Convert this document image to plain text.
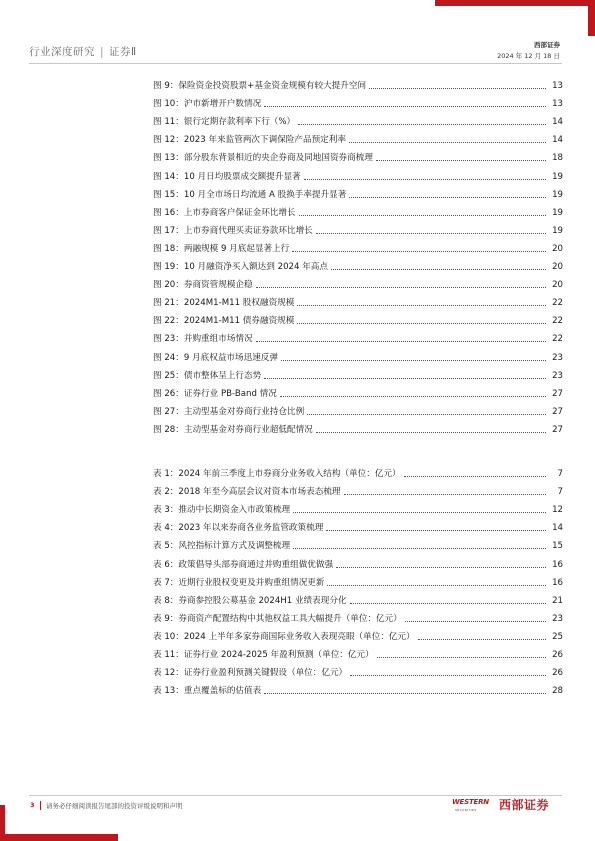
行业深度研究 | 证券Ⅱ
西部证券
2024 年 12 月 18 日
图 9：保险资金投资股票+基金资金规模有较大提升空间	13
图 10：沪市新增开户数情况	13
图 11：银行定期存款利率下行（%）	14
图 12：2023 年来监管两次下调保险产品预定利率	14
图 13：部分股东背景相近的央企券商及同地国资券商梳理	18
图 14：10 月日均股票成交额提升显著	19
图 15：10 月全市场日均流通 A 股换手率提升显著	19
图 16：上市券商客户保证金环比增长	19
图 17：上市券商代理买卖证券款环比增长	19
图 18：两融规模 9 月底起显著上行	20
图 19：10 月融资净买入额达到 2024 年高点	20
图 20：券商资管规模企稳	20
图 21：2024M1-M11 股权融资规模	22
图 22：2024M1-M11 债券融资规模	22
图 23：并购重组市场情况	22
图 24：9 月底权益市场迅速反弹	23
图 25：债市整体呈上行态势	23
图 26：证券行业 PB-Band 情况	27
图 27：主动型基金对券商行业持仓比例	27
图 28：主动型基金对券商行业超低配情况	27
表 1：2024 年前三季度上市券商分业务收入结构（单位：亿元）	7
表 2：2018 年至今高层会议对资本市场表态梳理	7
表 3：推动中长期资金入市政策梳理	12
表 4：2023 年以来券商各业务监管政策梳理	14
表 5：风控指标计算方式及调整梳理	15
表 6：政策倡导头部券商通过并购重组做优做强	16
表 7：近期行业股权变更及并购重组情况更新	16
表 8：券商参控股公募基金 2024H1 业绩表现分化	21
表 9：券商资产配置结构中其他权益工具大幅提升（单位：亿元）	23
表 10：2024 上半年多家券商国际业务收入表现亮眼（单位：亿元）	25
表 11：证券行业 2024-2025 年盈利预测（单位：亿元）	26
表 12：证券行业盈利预测关键假设（单位：亿元）	26
表 13：重点覆盖标的估值表	28
3 请务必仔细阅读报告尾部的投资评级说明和声明	WESTERN
SECURITIES 西部证券
